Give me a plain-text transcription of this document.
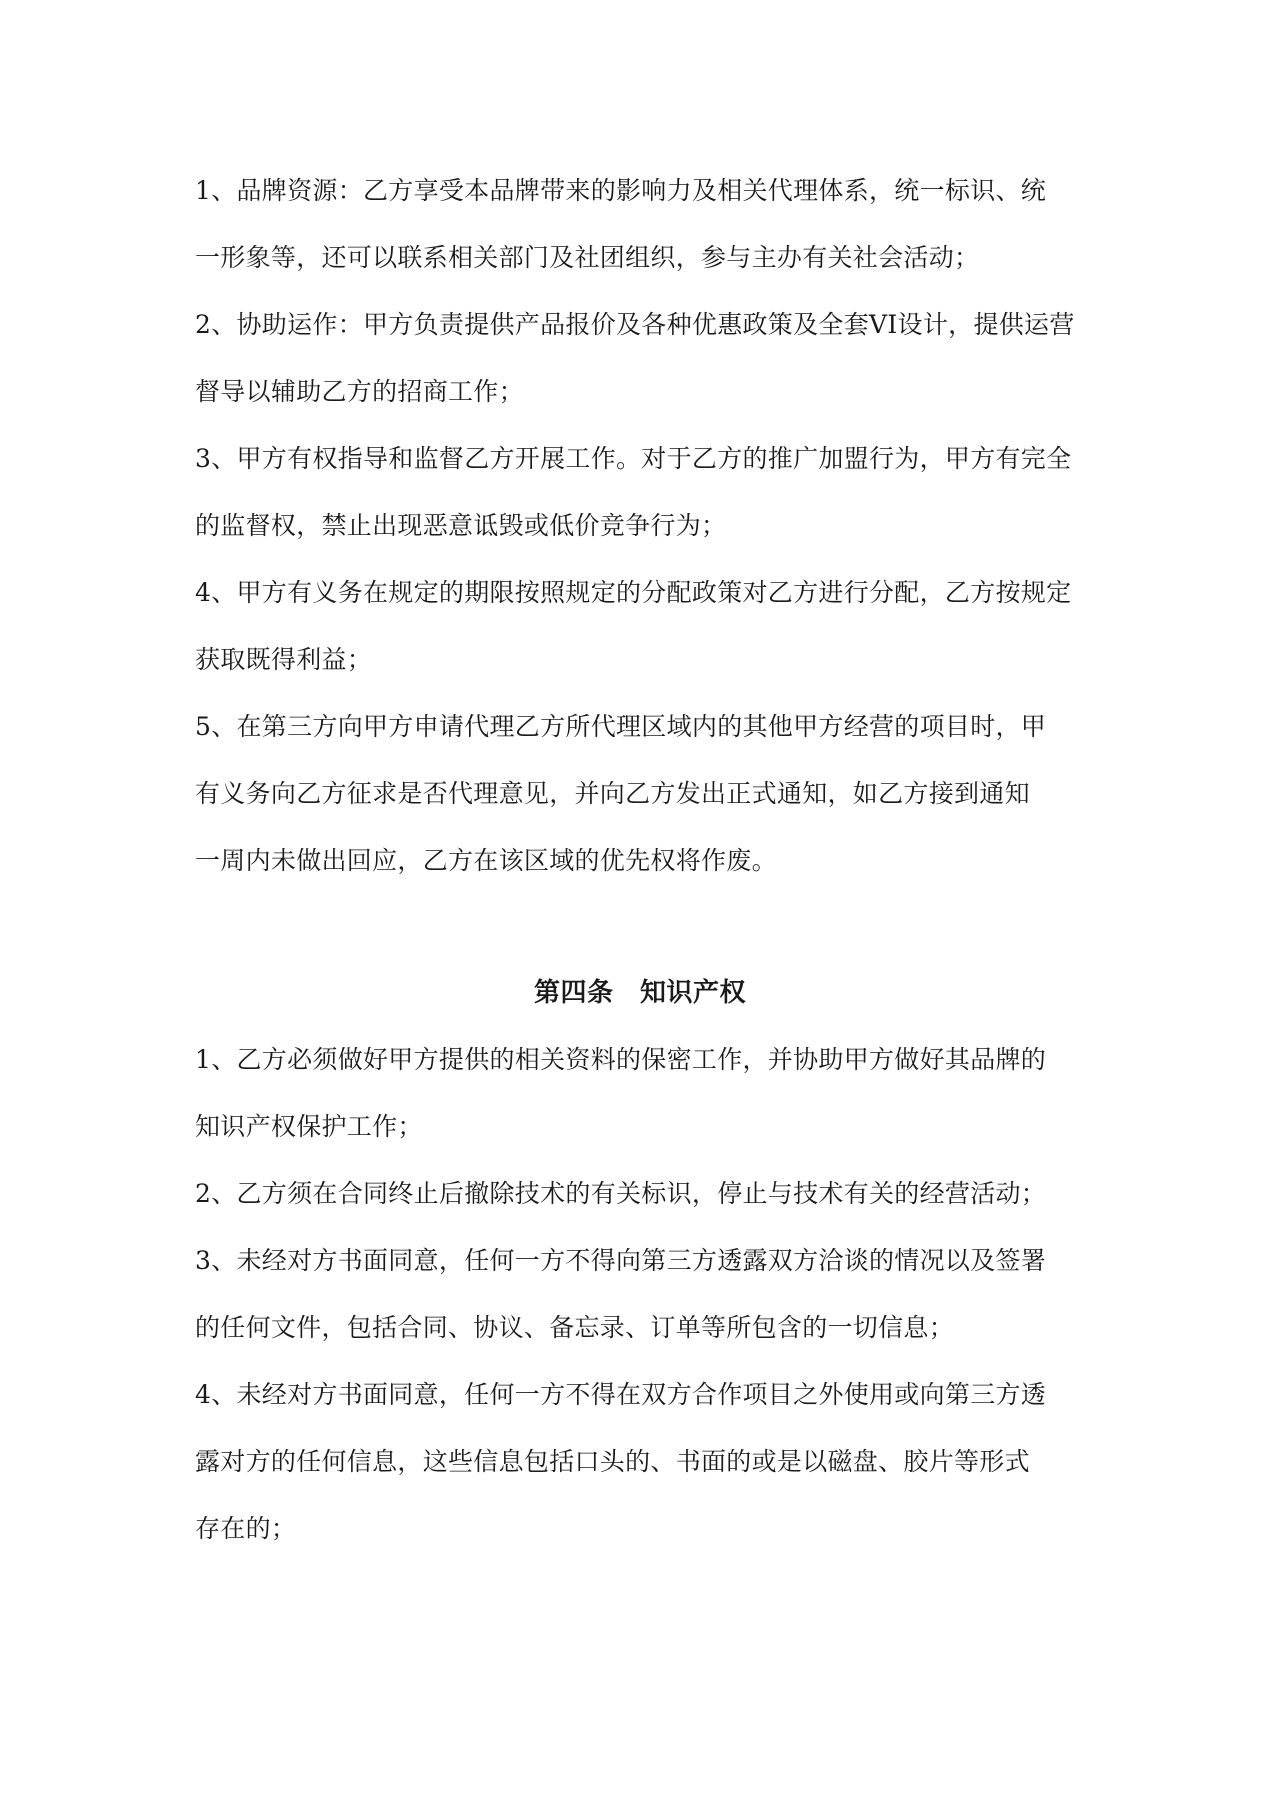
1、品牌资源：乙方享受本品牌带来的影响力及相关代理体系，统一标识、统
一形象等，还可以联系相关部门及社团组织，参与主办有关社会活动；
2、协助运作：甲方负责提供产品报价及各种优惠政策及全套VI设计，提供运营
督导以辅助乙方的招商工作；
3、甲方有权指导和监督乙方开展工作。对于乙方的推广加盟行为，甲方有完全
的监督权，禁止出现恶意诋毁或低价竞争行为；
4、甲方有义务在规定的期限按照规定的分配政策对乙方进行分配，乙方按规定
获取既得利益；
5、在第三方向甲方申请代理乙方所代理区域内的其他甲方经营的项目时，甲
有义务向乙方征求是否代理意见，并向乙方发出正式通知，如乙方接到通知
一周内未做出回应，乙方在该区域的优先权将作废。
第四条　知识产权
1、乙方必须做好甲方提供的相关资料的保密工作，并协助甲方做好其品牌的
知识产权保护工作；
2、乙方须在合同终止后撤除技术的有关标识，停止与技术有关的经营活动；
3、未经对方书面同意，任何一方不得向第三方透露双方洽谈的情况以及签署
的任何文件，包括合同、协议、备忘录、订单等所包含的一切信息；
4、未经对方书面同意，任何一方不得在双方合作项目之外使用或向第三方透
露对方的任何信息，这些信息包括口头的、书面的或是以磁盘、胶片等形式
存在的；
